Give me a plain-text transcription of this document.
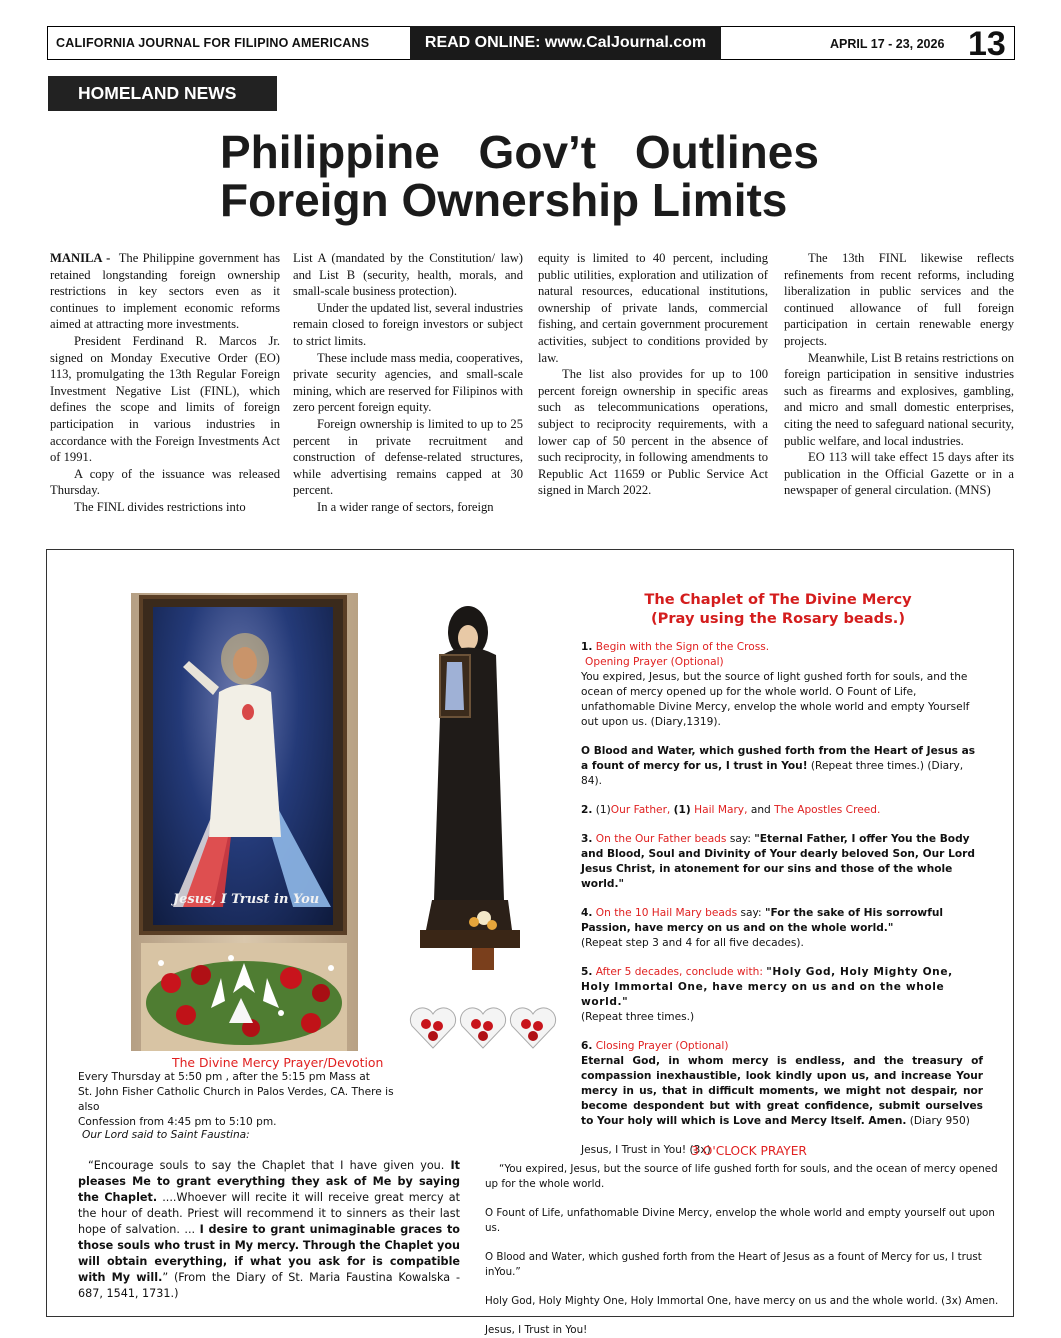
CALIFORNIA JOURNAL FOR FILIPINO AMERICANS	READ ONLINE: www.CalJournal.com	APRIL 17 - 23, 2026 13
HOMELAND NEWS
Philippine Gov’t Outlines
Foreign Ownership Limits

MANILA - The Philippine government has retained longstanding foreign ownership restrictions in key sectors even as it continues to implement economic reforms aimed at attracting more investments.

President Ferdinand R. Marcos Jr. signed on Monday Executive Order (EO) 113, promulgating the 13th Regular Foreign Investment Negative List (FINL), which defines the scope and limits of foreign participation in various industries in accordance with the Foreign Investments Act of 1991.

A copy of the issuance was released Thursday.

The FINL divides restrictions into

List A (mandated by the Constitution/ law) and List B (security, health, morals, and small-scale business protection).

Under the updated list, several industries remain closed to foreign investors or subject to strict limits.

These include mass media, cooperatives, private security agencies, and small-scale mining, which are reserved for Filipinos with zero percent foreign equity.

Foreign ownership is limited to up to 25 percent in private recruitment and construction of defense-related structures, while advertising remains capped at 30 percent.

In a wider range of sectors, foreign

equity is limited to 40 percent, including public utilities, exploration and utilization of natural resources, educational institutions, ownership of private lands, commercial fishing, and certain government procurement activities, subject to conditions provided by law.

The list also provides for up to 100 percent foreign ownership in specific areas such as telecommunications operations, subject to reciprocity requirements, with a lower cap of 50 percent in the absence of such reciprocity, in following amendments to Republic Act 11659 or Public Service Act signed in March 2022.

The 13th FINL likewise reflects refinements from recent reforms, including liberalization in public services and the continued allowance of full foreign participation in certain renewable energy projects.

Meanwhile, List B retains restrictions on foreign participation in sensitive industries such as firearms and explosives, gambling, and micro and small domestic enterprises, citing the need to safeguard national security, public welfare, and local industries.

EO 113 will take effect 15 days after its publication in the Official Gazette or in a newspaper of general circulation. (MNS)

Jesus, I Trust in You
The Divine Mercy Prayer/Devotion
Every Thursday at 5:50 pm , after the 5:15 pm Mass at
St. John Fisher Catholic Church in Palos Verdes, CA. There is also
Confession from 4:45 pm to 5:10 pm.
Our Lord said to Saint Faustina:

“Encourage souls to say the Chaplet that I have given you. It pleases Me to grant everything they ask of Me by saying the Chaplet. ....Whoever will recite it will receive great mercy at the hour of death. Priest will recommend it to sinners as their last hope of salvation. ... I desire to grant unimaginable graces to those souls who trust in My mercy. Through the Chaplet you will obtain everything, if what you ask for is compatible with My will.” (From the Diary of St. Maria Faustina Kowalska - 687, 1541, 1731.)

The Chaplet of The Divine Mercy
(Pray using the Rosary beads.)

1. Begin with the Sign of the Cross.

Opening Prayer (Optional)

You expired, Jesus, but the source of light gushed forth for souls, and the ocean of mercy opened up for the whole world. O Fount of Life, unfathomable Divine Mercy, envelop the whole world and empty Yourself out upon us. (Diary,1319).

O Blood and Water, which gushed forth from the Heart of Jesus as a fount of mercy for us, I trust in You! (Repeat three times.) (Diary, 84).

2. (1)Our Father, (1) Hail Mary, and The Apostles Creed.

3. On the Our Father beads say: "Eternal Father, I offer You the Body and Blood, Soul and Divinity of Your dearly beloved Son, Our Lord Jesus Christ, in atonement for our sins and those of the whole world."

4. On the 10 Hail Mary beads say: "For the sake of His sorrowful Passion, have mercy on us and on the whole world."

(Repeat step 3 and 4 for all five decades).

5. After 5 decades, conclude with: "Holy God, Holy Mighty One, Holy Immortal One, have mercy on us and on the whole world."

(Repeat three times.)

6. Closing Prayer (Optional)

Eternal God, in whom mercy is endless, and the treasury of compassion inexhaustible, look kindly upon us, and increase Your mercy in us, that in difficult moments, we might not despair, nor become despondent but with great confidence, submit ourselves to Your holy will which is Love and Mercy Itself. Amen. (Diary 950)

Jesus, I Trust in You! (3x)

3 O'CLOCK PRAYER

“You expired, Jesus, but the source of life gushed forth for souls, and the ocean of mercy opened up for the whole world.

O Fount of Life, unfathomable Divine Mercy, envelop the whole world and empty yourself out upon us.

O Blood and Water, which gushed forth from the Heart of Jesus as a fount of Mercy for us, I trust inYou.”

Holy God, Holy Mighty One, Holy Immortal One, have mercy on us and the whole world. (3x) Amen.

Jesus, I Trust in You!
